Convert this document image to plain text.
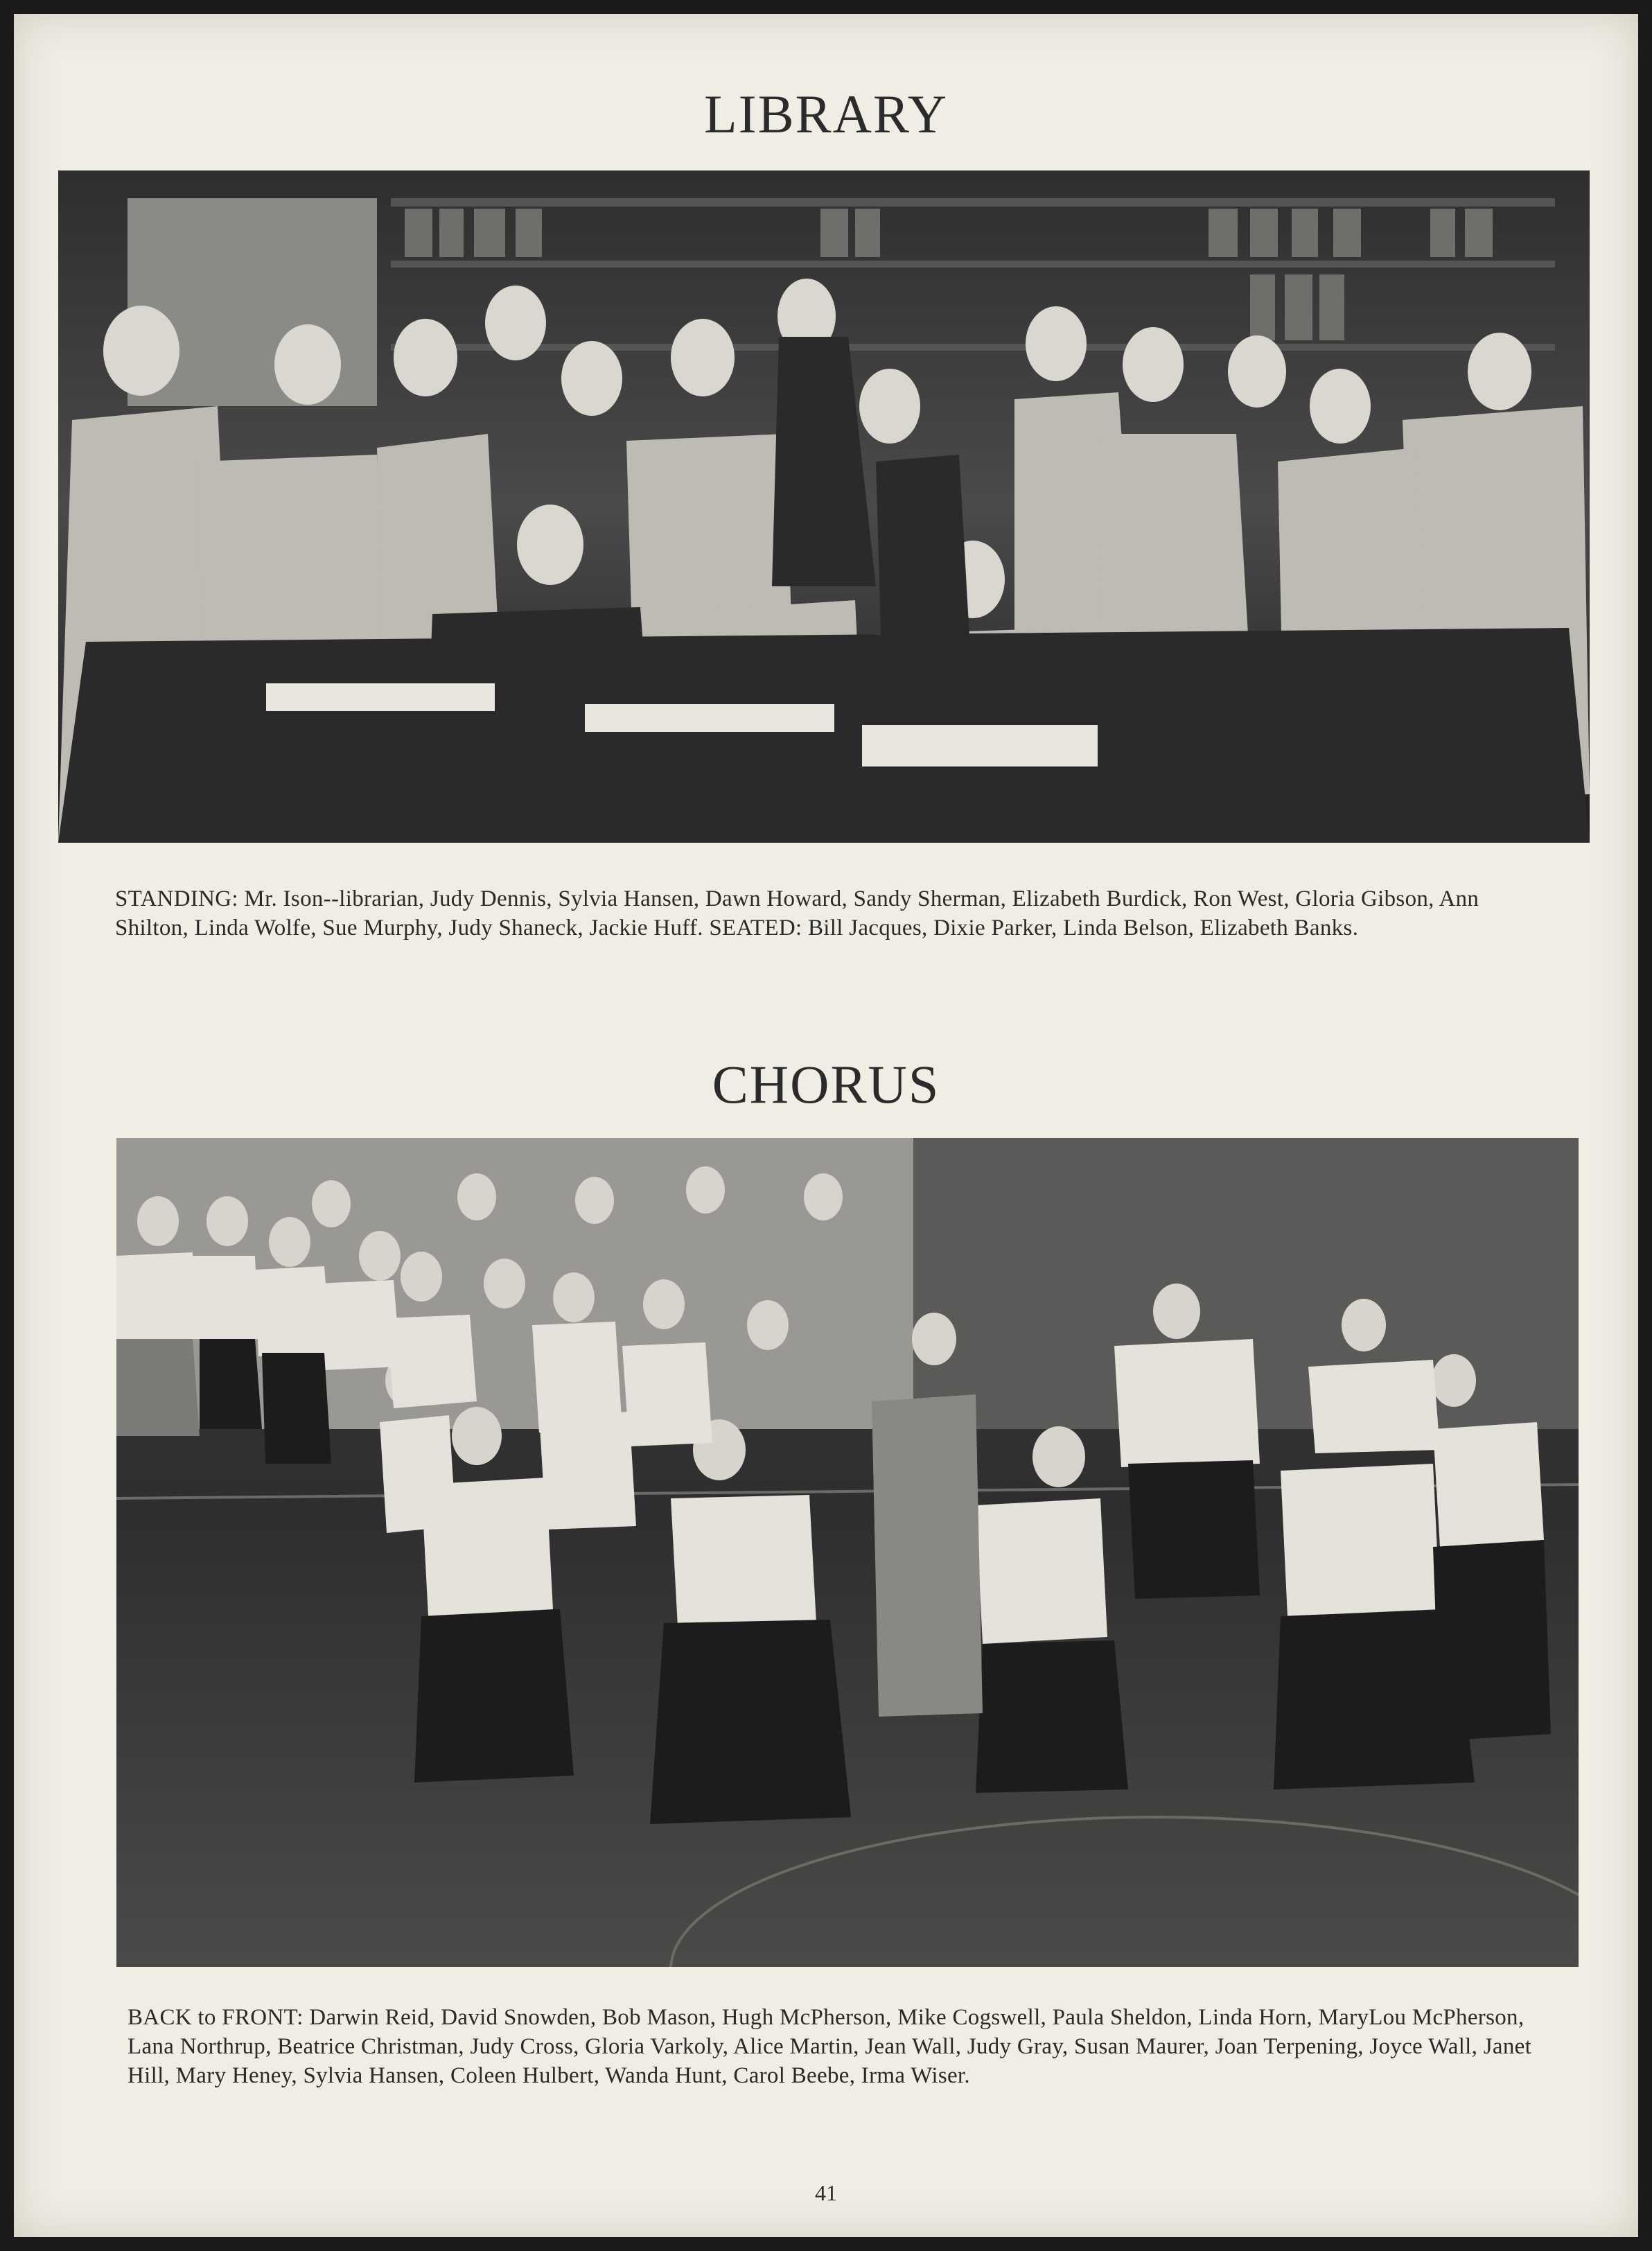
LIBRARY
STANDING: Mr. Ison--librarian, Judy Dennis, Sylvia Hansen, Dawn Howard, Sandy Sherman, Elizabeth Burdick, Ron West, Gloria Gibson, Ann Shilton, Linda Wolfe, Sue Murphy, Judy Shaneck, Jackie Huff. SEATED: Bill Jacques, Dixie Parker, Linda Belson, Elizabeth Banks.
CHORUS
BACK to FRONT: Darwin Reid, David Snowden, Bob Mason, Hugh McPherson, Mike Cogswell, Paula Sheldon, Linda Horn, MaryLou McPherson, Lana Northrup, Beatrice Christman, Judy Cross, Gloria Varkoly, Alice Martin, Jean Wall, Judy Gray, Susan Maurer, Joan Terpening, Joyce Wall, Janet Hill, Mary Heney, Sylvia Hansen, Coleen Hulbert, Wanda Hunt, Carol Beebe, Irma Wiser.
41
